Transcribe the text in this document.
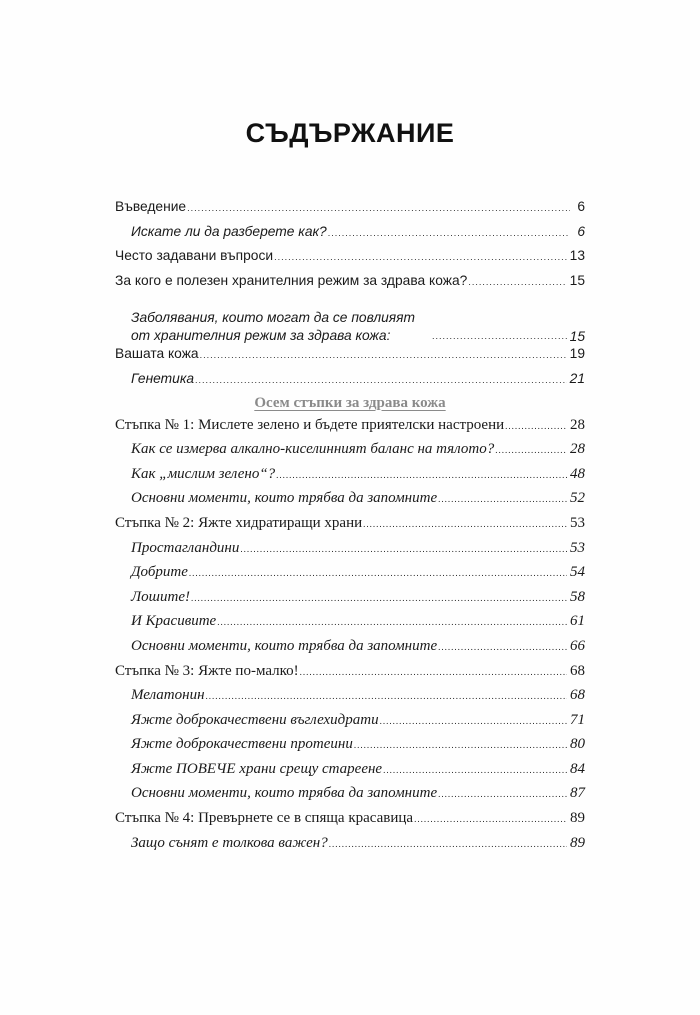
СЪДЪРЖАНИЕ
Въведение .....	6
Искате ли да разберете как? .....	6
Често задавани въпроси .....	13
За кого е полезен хранителния режим за здрава кожа? .....	15
Заболявания, които могат да се повлияят от хранителния режим за здрава кожа: .....	15
Вашата кожа .....	19
Генетика .....	21
Осем стъпки за здрава кожа
Стъпка № 1: Мислете зелено и бъдете приятелски настроени .....	28
Как се измерва алкално-киселинният баланс на тялото? .....	28
Как „мислим зелено“? .....	48
Основни моменти, които трябва да запомните .....	52
Стъпка № 2: Яжте хидратиращи храни .....	53
Простагландини .....	53
Добрите .....	54
Лошите! .....	58
И Красивите .....	61
Основни моменти, които трябва да запомните .....	66
Стъпка № 3: Яжте по-малко! .....	68
Мелатонин .....	68
Яжте доброкачествени въглехидрати .....	71
Яжте доброкачествени протеини .....	80
Яжте ПОВЕЧЕ храни срещу стареене .....	84
Основни моменти, които трябва да запомните .....	87
Стъпка № 4: Превърнете се в спяща красавица .....	89
Защо сънят е толкова важен? .....	89
